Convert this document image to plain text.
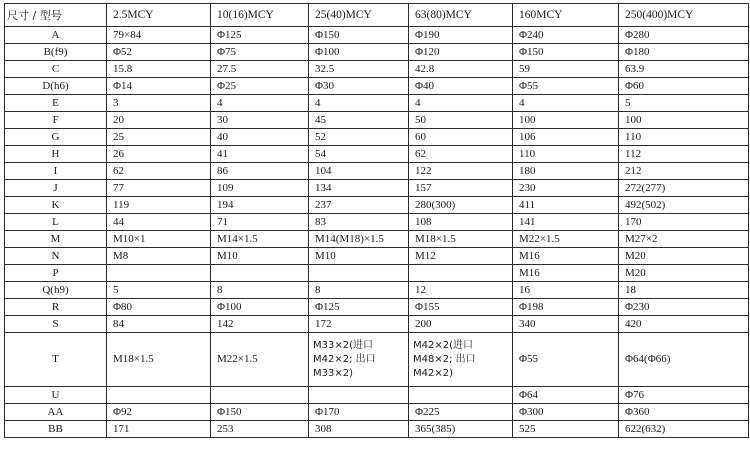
尺寸 / 型号	2.5MCY	10(16)MCY	25(40)MCY	63(80)MCY	160MCY	250(400)MCY
A	79×84	Φ125	Φ150	Φ190	Φ240	Φ280
B(f9)	Φ52	Φ75	Φ100	Φ120	Φ150	Φ180
C	15.8	27.5	32.5	42.8	59	63.9
D(h6)	Φ14	Φ25	Φ30	Φ40	Φ55	Φ60
E	3	4	4	4	4	5
F	20	30	45	50	100	100
G	25	40	52	60	106	110
H	26	41	54	62	110	112
I	62	86	104	122	180	212
J	77	109	134	157	230	272(277)
K	119	194	237	280(300)	411	492(502)
L	44	71	83	108	141	170
M	M10×1	M14×1.5	M14(M18)×1.5	M18×1.5	M22×1.5	M27×2
N	M8	M10	M10	M12	M16	M20
P					M16	M20
Q(h9)	5	8	8	12	16	18
R	Φ80	Φ100	Φ125	Φ155	Φ198	Φ230
S	84	142	172	200	340	420
T	M18×1.5	M22×1.5	M33×2(进口 M42×2; 出口 M33×2)	M42×2(进口 M48×2; 出口 M42×2)	Φ55	Φ64(Φ66)
U					Φ64	Φ76
AA	Φ92	Φ150	Φ170	Φ225	Φ300	Φ360
BB	171	253	308	365(385)	525	622(632)
